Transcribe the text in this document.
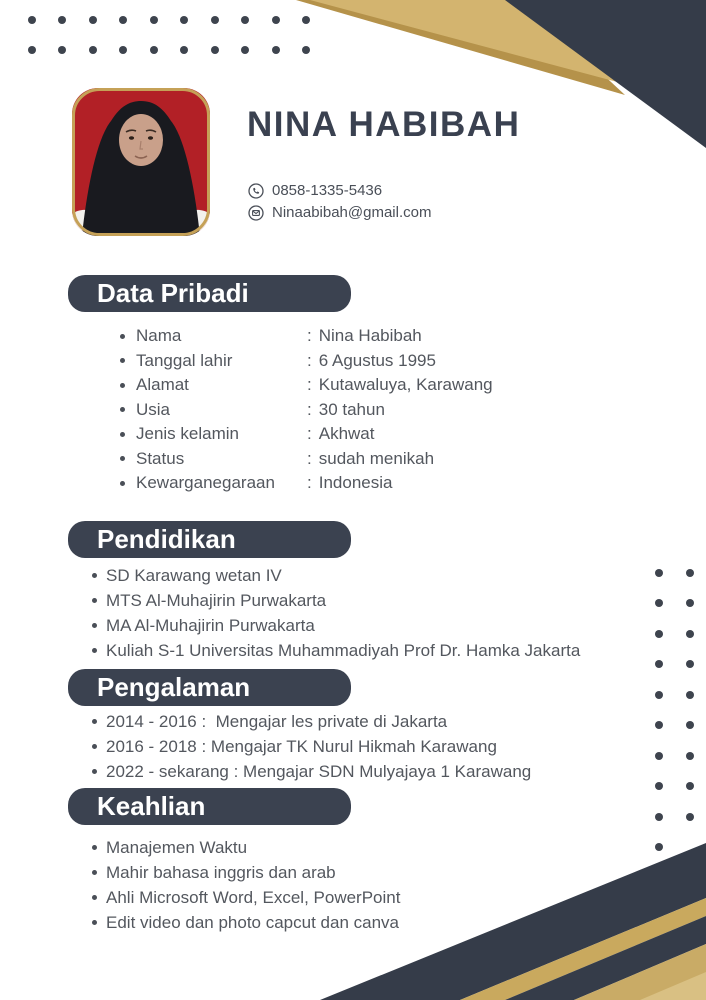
NINA HABIBAH
0858-1335-5436
Ninaabibah@gmail.com
Data Pribadi
Nama	: Nina Habibah
Tanggal lahir	: 6 Agustus 1995
Alamat	: Kutawaluya, Karawang
Usia	: 30 tahun
Jenis kelamin	: Akhwat
Status	: sudah menikah
Kewarganegaraan	: Indonesia
Pendidikan
SD Karawang wetan IV
MTS Al-Muhajirin Purwakarta
MA Al-Muhajirin Purwakarta
Kuliah S-1 Universitas Muhammadiyah Prof Dr. Hamka Jakarta
Pengalaman
2014 - 2016 :  Mengajar les private di Jakarta
2016 - 2018 : Mengajar TK Nurul Hikmah Karawang
2022 - sekarang : Mengajar SDN Mulyajaya 1 Karawang
Keahlian
Manajemen Waktu
Mahir bahasa inggris dan arab
Ahli Microsoft Word, Excel, PowerPoint
Edit video dan photo capcut dan canva
